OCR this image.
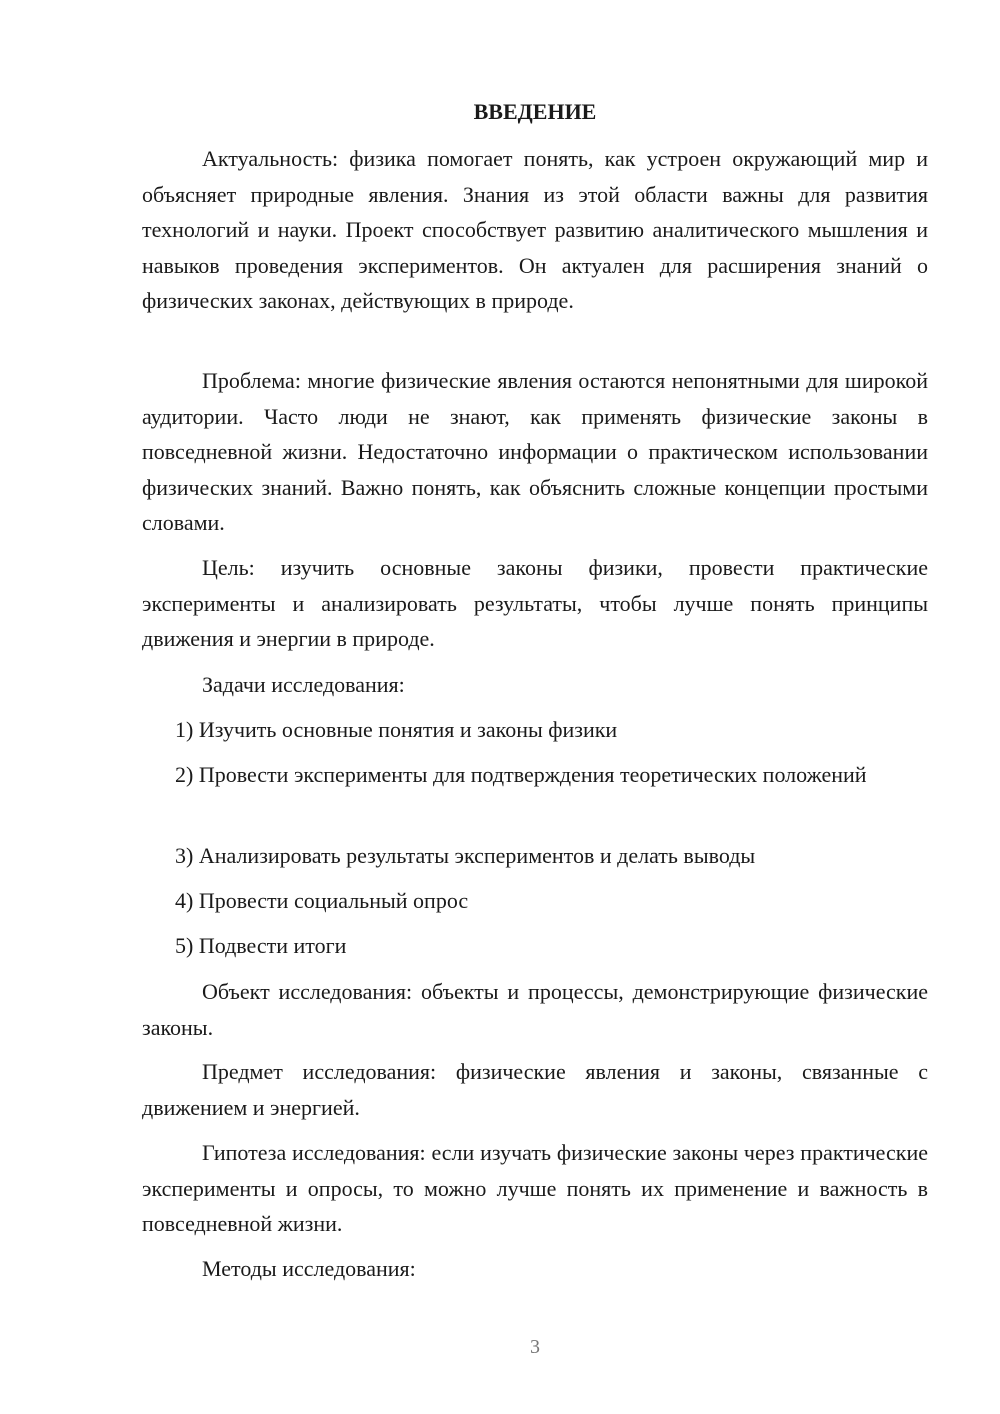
ВВЕДЕНИЕ

Актуальность: физика помогает понять, как устроен окружающий мир и объясняет природные явления. Знания из этой области важны для развития технологий и науки. Проект способствует развитию аналитического мышления и навыков проведения экспериментов. Он актуален для расширения знаний о физических законах, действующих в природе.

Проблема: многие физические явления остаются непонятными для широкой аудитории. Часто люди не знают, как применять физические законы в повседневной жизни. Недостаточно информации о практическом использовании физических знаний. Важно понять, как объяснить сложные концепции простыми словами.

Цель: изучить основные законы физики, провести практические эксперименты и анализировать результаты, чтобы лучше понять принципы движения и энергии в природе.

Задачи исследования:

1) Изучить основные понятия и законы физики

2) Провести эксперименты для подтверждения теоретических положений

3) Анализировать результаты экспериментов и делать выводы

4) Провести социальный опрос

5) Подвести итоги

Объект исследования: объекты и процессы, демонстрирующие физические законы.

Предмет исследования: физические явления и законы, связанные с движением и энергией.

Гипотеза исследования: если изучать физические законы через практические эксперименты и опросы, то можно лучше понять их применение и важность в повседневной жизни.

Методы исследования:

3
